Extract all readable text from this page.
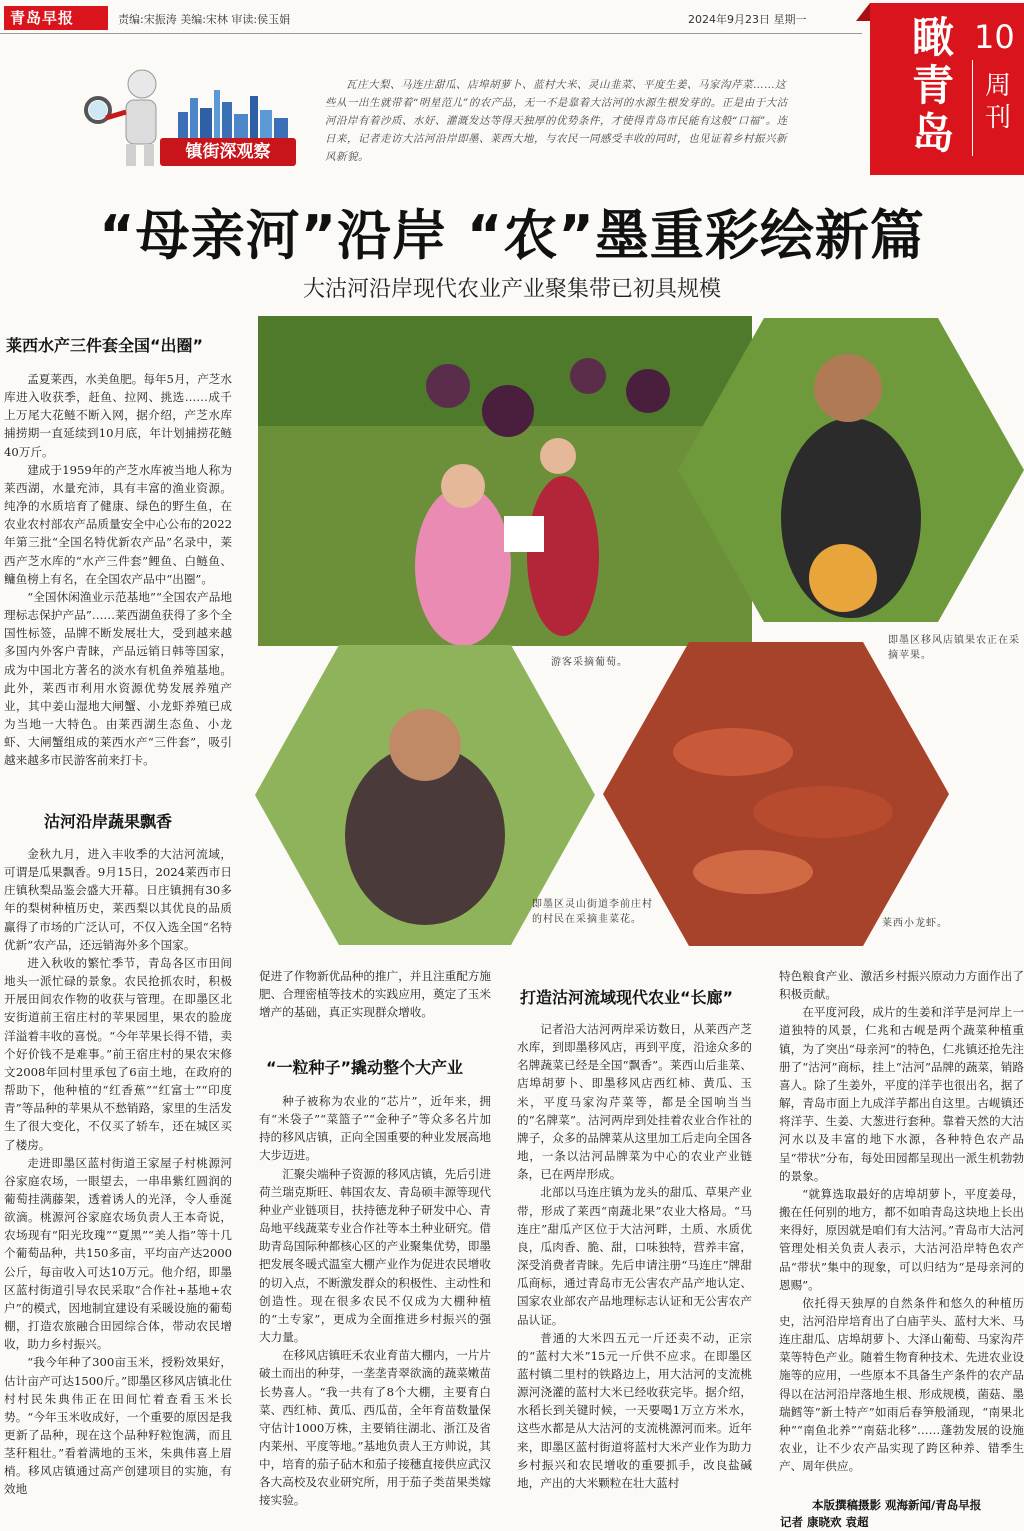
青岛早报	责编:宋振涛 美编:宋林 审读:侯玉娟	2024年9月23日 星期一	瞰青岛
10
周刊
镇街深观察
瓦庄大梨、马连庄甜瓜、店埠胡萝卜、蓝村大米、灵山韭菜、平度生姜、马家沟芹菜……这些从一出生就带着“明星范儿”的农产品，无一不是靠着大沽河的水源生根发芽的。正是由于大沽河沿岸有着沙质、水好、灌溉发达等得天独厚的优势条件，才使得青岛市民能有这般“口福”。连日来，记者走访大沽河沿岸即墨、莱西大地，与农民一同感受丰收的同时，也见证着乡村振兴新风新貌。
“母亲河”沿岸 “农”墨重彩绘新篇
大沽河沿岸现代农业产业聚集带已初具规模
游客采摘葡萄。
即墨区移风店镇果农正在采摘苹果。
即墨区灵山街道李前庄村的村民在采摘韭菜花。	莱西小龙虾。
莱西水产三件套全国“出圈”

孟夏莱西，水美鱼肥。每年5月，产芝水库进入收获季，赶鱼、拉网、挑选……成千上万尾大花鲢不断入网，据介绍，产芝水库捕捞期一直延续到10月底，年计划捕捞花鲢40万斤。

建成于1959年的产芝水库被当地人称为莱西湖，水量充沛，具有丰富的渔业资源。纯净的水质培育了健康、绿色的野生鱼，在农业农村部农产品质量安全中心公布的2022年第三批“全国名特优新农产品”名录中，莱西产芝水库的“水产三件套”鲤鱼、白鲢鱼、鳙鱼榜上有名，在全国农产品中“出圈”。

“全国休闲渔业示范基地”“全国农产品地理标志保护产品”……莱西湖鱼获得了多个全国性标签，品牌不断发展壮大，受到越来越多国内外客户青睐，产品远销日韩等国家，成为中国北方著名的淡水有机鱼养殖基地。此外，莱西市利用水资源优势发展养殖产业，其中姜山湿地大闸蟹、小龙虾养殖已成为当地一大特色。由莱西湖生态鱼、小龙虾、大闸蟹组成的莱西水产“三件套”，吸引越来越多市民游客前来打卡。

沽河沿岸蔬果飘香

金秋九月，进入丰收季的大沽河流域，可谓是瓜果飘香。9月15日，2024莱西市日庄镇秋梨品鉴会盛大开幕。日庄镇拥有30多年的梨树种植历史，莱西梨以其优良的品质赢得了市场的广泛认可，不仅入选全国“名特优新”农产品，还远销海外多个国家。

进入秋收的繁忙季节，青岛各区市田间地头一派忙碌的景象。农民抢抓农时，积极开展田间农作物的收获与管理。在即墨区北安街道前王宿庄村的苹果园里，果农的脸庞洋溢着丰收的喜悦。“今年苹果长得不错，卖个好价钱不是难事。”前王宿庄村的果农宋修文2008年回村里承包了6亩土地，在政府的帮助下，他种植的“红香蕉”“红富士”“印度青”等品种的苹果从不愁销路，家里的生活发生了很大变化，不仅买了轿车，还在城区买了楼房。

走进即墨区蓝村街道王家屋子村桃源河谷家庭农场，一眼望去，一串串紫红圆润的葡萄挂满藤架，透着诱人的光泽，令人垂涎欲滴。桃源河谷家庭农场负责人王本奇说，农场现有“阳光玫瑰”“夏黑”“美人指”等十几个葡萄品种，共150多亩，平均亩产达2000公斤，每亩收入可达10万元。他介绍，即墨区蓝村街道引导农民采取“合作社+基地+农户”的模式，因地制宜建设有采暖设施的葡萄棚，打造农旅融合田园综合体，带动农民增收，助力乡村振兴。

“我今年种了300亩玉米，授粉效果好，估计亩产可达1500斤。”即墨区移风店镇北仕村村民朱典伟正在田间忙着查看玉米长势。“今年玉米收成好，一个重要的原因是我更新了品种，现在这个品种籽粒饱满，而且茎秆粗壮。”看着满地的玉米，朱典伟喜上眉梢。移风店镇通过高产创建项目的实施，有效地

促进了作物新优品种的推广，并且注重配方施肥、合理密植等技术的实践应用，奠定了玉米增产的基础，真正实现群众增收。

“一粒种子”撬动整个大产业

种子被称为农业的“芯片”，近年来，拥有“米袋子”“菜篮子”“金种子”等众多名片加持的移风店镇，正向全国重要的种业发展高地大步迈进。

汇聚尖端种子资源的移风店镇，先后引进荷兰瑞克斯旺、韩国农友、青岛硕丰源等现代种业产业链项目，扶持德龙种子研发中心、青岛地平线蔬菜专业合作社等本土种业研究。借助青岛国际种都核心区的产业聚集优势，即墨把发展冬暖式温室大棚产业作为促进农民增收的切入点，不断激发群众的积极性、主动性和创造性。现在很多农民不仅成为大棚种植的“土专家”，更成为全面推进乡村振兴的强大力量。

在移风店镇旺禾农业育苗大棚内，一片片破土而出的种芽，一垄垄青翠欲滴的蔬菜嫩苗长势喜人。“我一共有了8个大棚，主要育白菜、西红柿、黄瓜、西瓜苗，全年育苗数量保守估计1000万株，主要销往湖北、浙江及省内莱州、平度等地。”基地负责人王方帅说，其中，培育的茄子砧木和茄子接穗直接供应武汉各大高校及农业研究所，用于茄子类苗果类嫁接实验。

打造沽河流域现代农业“长廊”

记者沿大沽河两岸采访数日，从莱西产芝水库，到即墨移风店，再到平度，沿途众多的名牌蔬菜已经是全国“飘香”。莱西山后韭菜、店埠胡萝卜、即墨移风店西红柿、黄瓜、玉米，平度马家沟芹菜等，都是全国响当当的“名牌菜”。沽河两岸到处挂着农业合作社的牌子，众多的品牌菜从这里加工后走向全国各地，一条以沽河品牌菜为中心的农业产业链条，已在两岸形成。

北部以马连庄镇为龙头的甜瓜、草果产业带，形成了莱西“南蔬北果”农业大格局。“马连庄”甜瓜产区位于大沽河畔，土质、水质优良，瓜肉香、脆、甜，口味独特，营养丰富，深受消费者青睐。先后申请注册“马连庄”牌甜瓜商标，通过青岛市无公害农产品产地认定、国家农业部农产品地理标志认证和无公害农产品认证。

普通的大米四五元一斤还卖不动，正宗的“蓝村大米”15元一斤供不应求。在即墨区蓝村镇二里村的铁路边上，用大沽河的支流桃源河浇灌的蓝村大米已经收获完毕。据介绍，水稻长到关键时候，一天要喝1万立方米水，这些水都是从大沽河的支流桃源河而来。近年来，即墨区蓝村街道将蓝村大米产业作为助力乡村振兴和农民增收的重要抓手，改良盐碱地，产出的大米颗粒在壮大蓝村

特色粮食产业、激活乡村振兴原动力方面作出了积极贡献。

在平度河段，成片的生姜和洋芋是河岸上一道独特的风景，仁兆和古岘是两个蔬菜种植重镇，为了突出“母亲河”的特色，仁兆镇还抢先注册了“沽河”商标，挂上“沽河”品牌的蔬菜，销路喜人。除了生姜外，平度的洋芋也很出名，据了解，青岛市面上九成洋芋都出自这里。古岘镇还将洋芋、生姜、大葱进行套种。靠着天然的大沽河水以及丰富的地下水源，各种特色农产品呈“带状”分布，每处田园都呈现出一派生机勃勃的景象。

“就算选取最好的店埠胡萝卜，平度姜母，搬在任何别的地方，都不如咱青岛这块地上长出来得好，原因就是咱们有大沽河。”青岛市大沽河管理处相关负责人表示，大沽河沿岸特色农产品“带状”集中的现象，可以归结为“是母亲河的恩赐”。

依托得天独厚的自然条件和悠久的种植历史，沽河沿岸培育出了白庙芋头、蓝村大米、马连庄甜瓜、店埠胡萝卜、大泽山葡萄、马家沟芹菜等特色产业。随着生物育种技术、先进农业设施等的应用，一些原本不具备生产条件的农产品得以在沽河沿岸落地生根、形成规模，菌菇、墨瑞鳕等“新土特产”如雨后春笋般涌现，“南果北种”“南鱼北养”“南菇北移”……蓬勃发展的设施农业，让不少农产品实现了跨区种养、错季生产、周年供应。

本版撰稿摄影 观海新闻/青岛早报
记者 康晓欢 袁超
